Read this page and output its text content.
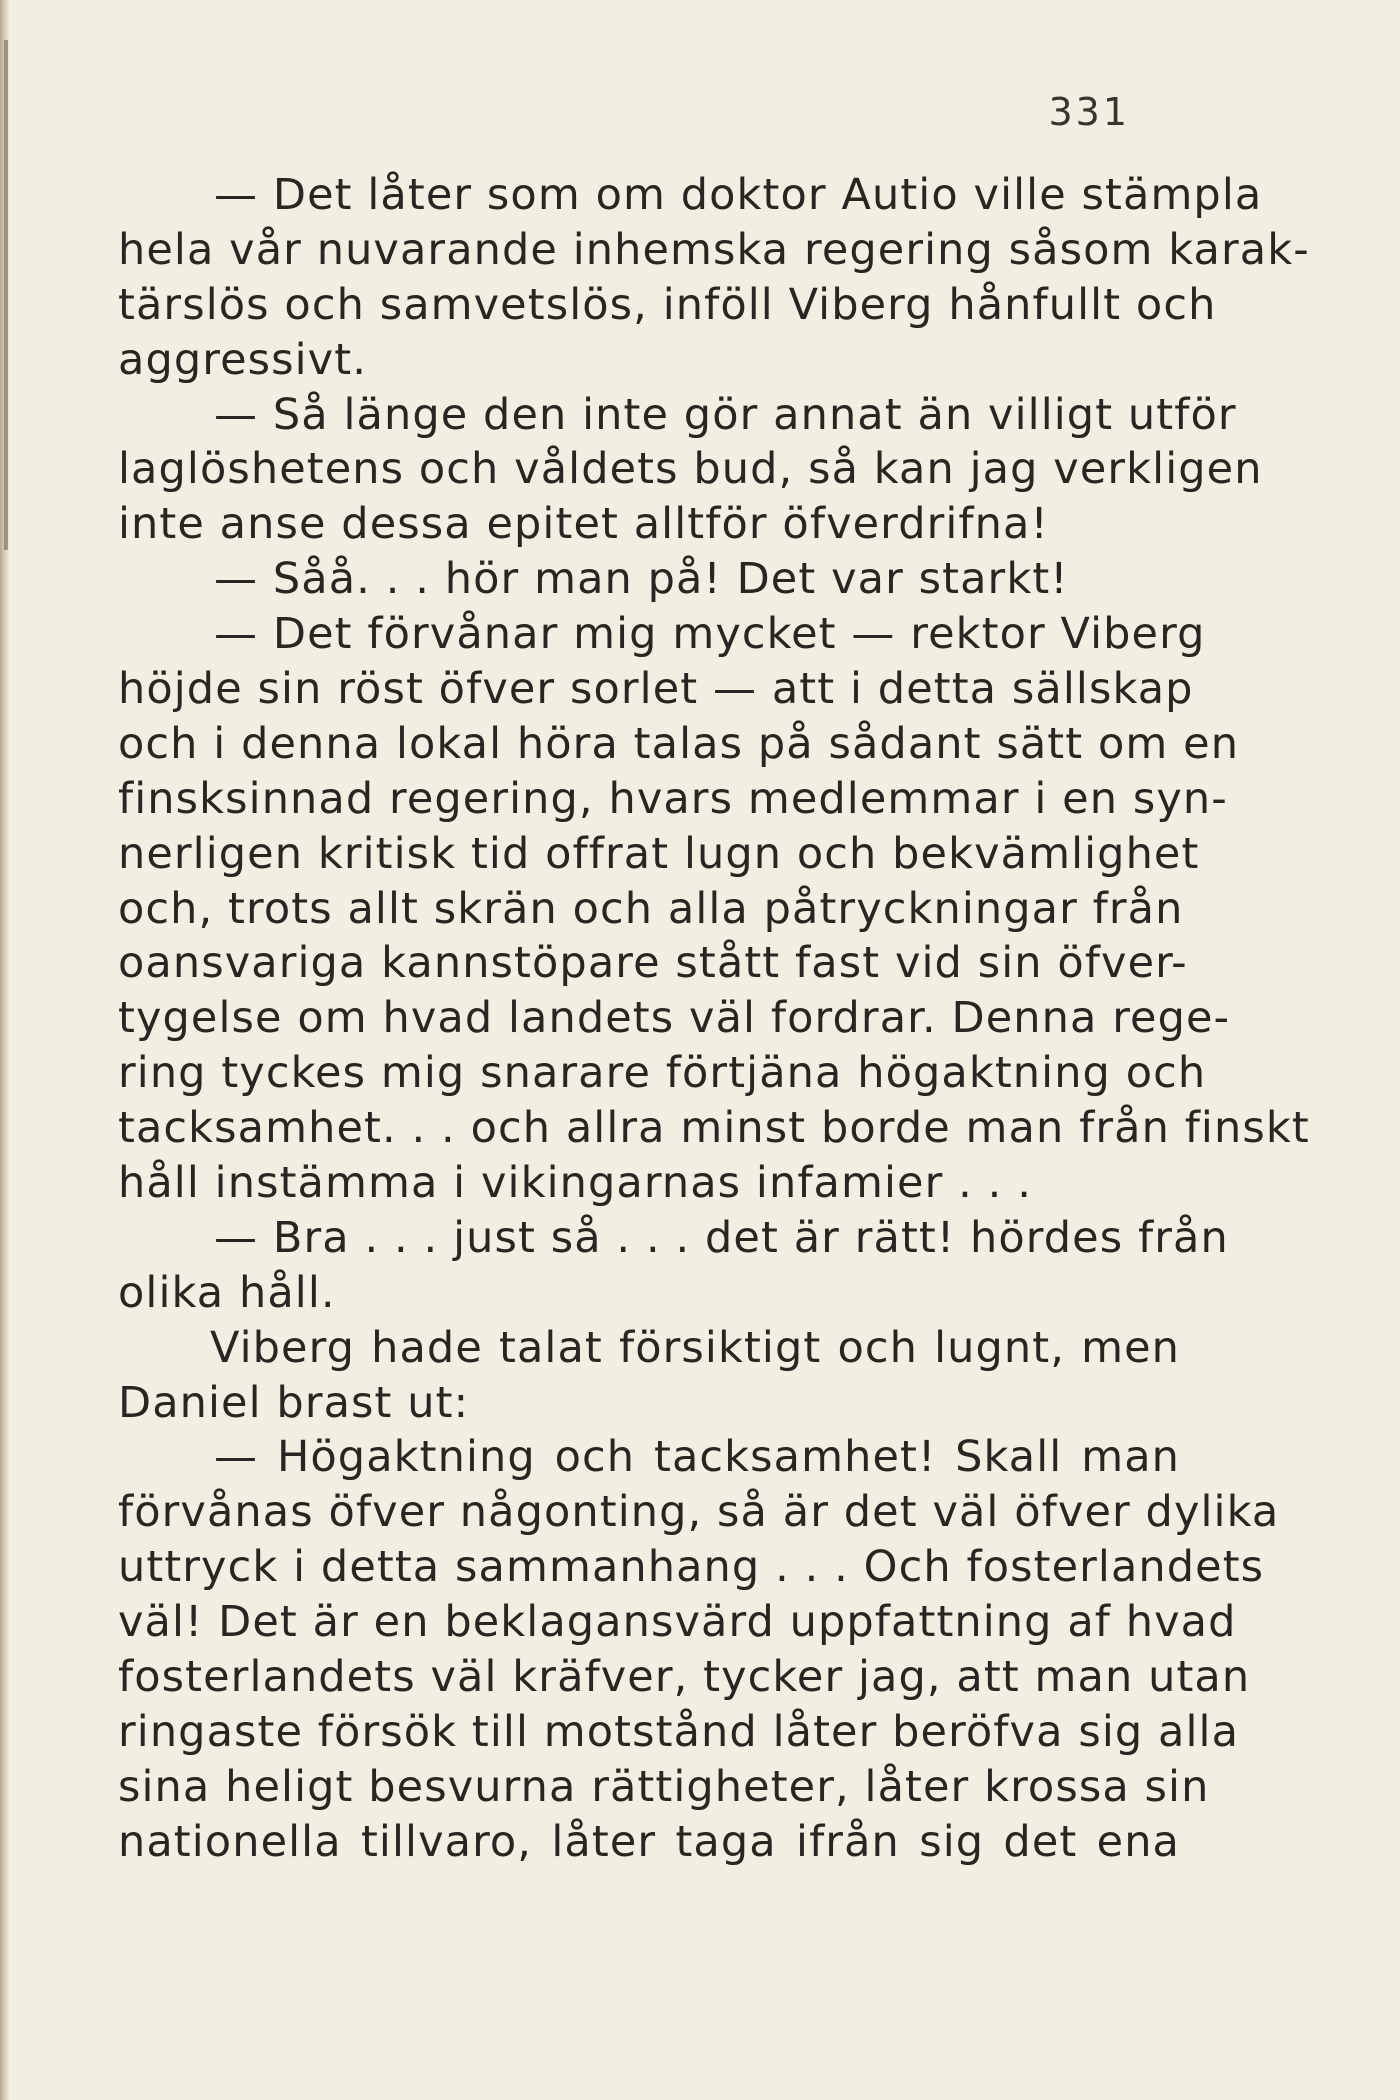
331
— Det låter som om doktor Autio ville stämpla
hela vår nuvarande inhemska regering såsom karak-
tärslös och samvetslös, inföll Viberg hånfullt och
aggressivt.
— Så länge den inte gör annat än villigt utför
laglöshetens och våldets bud, så kan jag verkligen
inte anse dessa epitet alltför öfverdrifna!
— Såå. . . hör man på! Det var starkt!
— Det förvånar mig mycket — rektor Viberg
höjde sin röst öfver sorlet — att i detta sällskap
och i denna lokal höra talas på sådant sätt om en
finsksinnad regering, hvars medlemmar i en syn-
nerligen kritisk tid offrat lugn och bekvämlighet
och, trots allt skrän och alla påtryckningar från
oansvariga kannstöpare stått fast vid sin öfver-
tygelse om hvad landets väl fordrar. Denna rege-
ring tyckes mig snarare förtjäna högaktning och
tacksamhet. . . och allra minst borde man från finskt
håll instämma i vikingarnas infamier . . .
— Bra . . . just så . . . det är rätt! hördes från
olika håll.
Viberg hade talat försiktigt och lugnt, men
Daniel brast ut:
— Högaktning och tacksamhet! Skall man
förvånas öfver någonting, så är det väl öfver dylika
uttryck i detta sammanhang . . . Och fosterlandets
väl! Det är en beklagansvärd uppfattning af hvad
fosterlandets väl kräfver, tycker jag, att man utan
ringaste försök till motstånd låter beröfva sig alla
sina heligt besvurna rättigheter, låter krossa sin
nationella tillvaro, låter taga ifrån sig det ena
